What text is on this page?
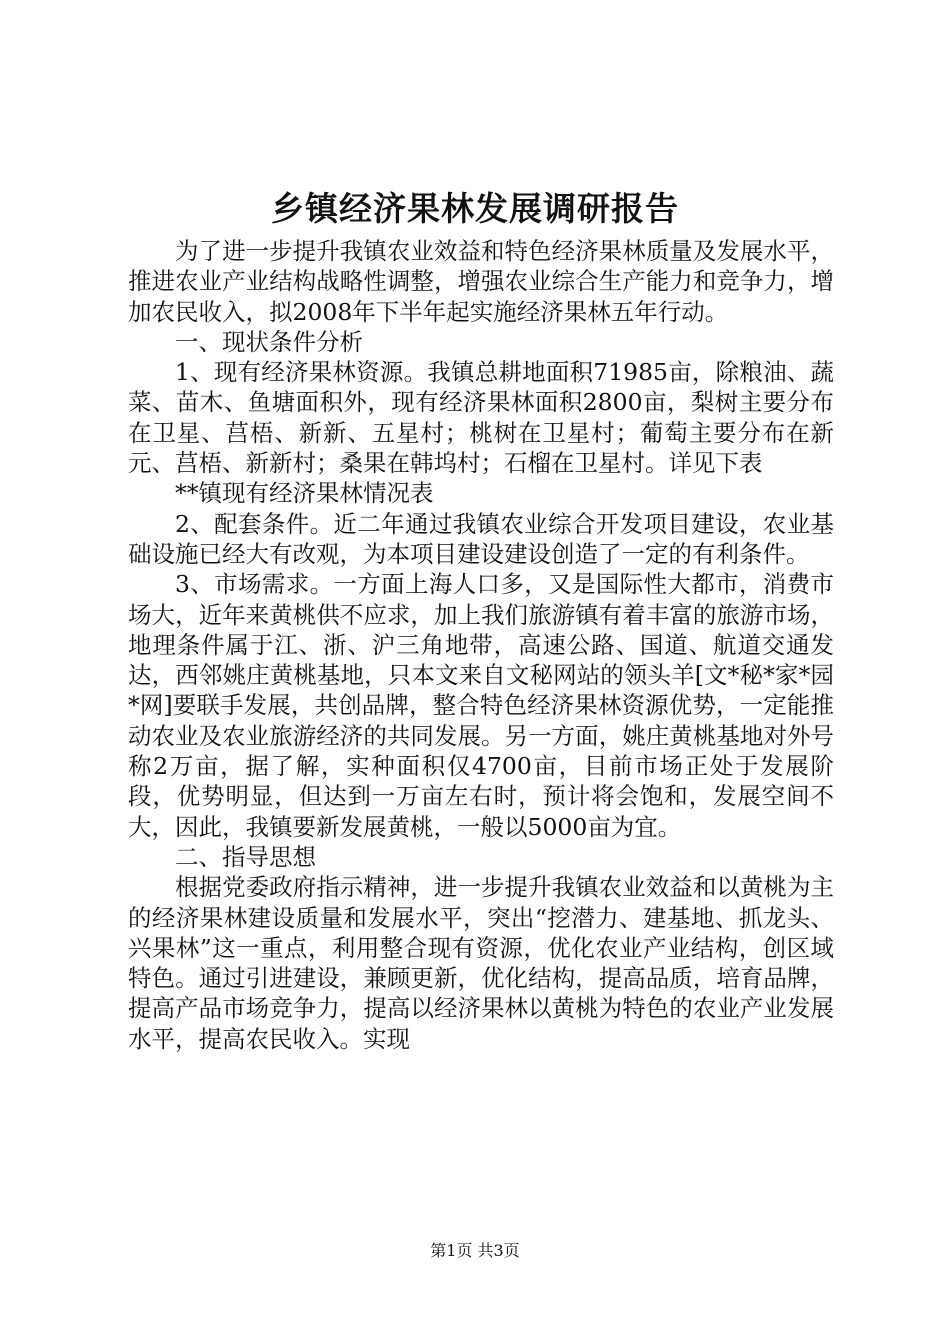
乡镇经济果林发展调研报告

为了进一步提升我镇农业效益和特色经济果林质量及发展水平，推进农业产业结构战略性调整，增强农业综合生产能力和竞争力，增加农民收入，拟2008年下半年起实施经济果林五年行动。

一、现状条件分析

1、现有经济果林资源。我镇总耕地面积71985亩，除粮油、蔬菜、苗木、鱼塘面积外，现有经济果林面积2800亩，梨树主要分布在卫星、莒梧、新新、五星村；桃树在卫星村；葡萄主要分布在新元、莒梧、新新村；桑果在韩坞村；石榴在卫星村。详见下表

**镇现有经济果林情况表

2、配套条件。近二年通过我镇农业综合开发项目建设，农业基础设施已经大有改观，为本项目建设建设创造了一定的有利条件。

3、市场需求。一方面上海人口多，又是国际性大都市，消费市场大，近年来黄桃供不应求，加上我们旅游镇有着丰富的旅游市场，地理条件属于江、浙、沪三角地带，高速公路、国道、航道交通发达，西邻姚庄黄桃基地，只本文来自文秘网站的领头羊[文*秘*家*园*网]要联手发展，共创品牌，整合特色经济果林资源优势，一定能推动农业及农业旅游经济的共同发展。另一方面，姚庄黄桃基地对外号称2万亩，据了解，实种面积仅4700亩，目前市场正处于发展阶段，优势明显，但达到一万亩左右时，预计将会饱和，发展空间不大，因此，我镇要新发展黄桃，一般以5000亩为宜。

二、指导思想

根据党委政府指示精神，进一步提升我镇农业效益和以黄桃为主的经济果林建设质量和发展水平，突出“挖潜力、建基地、抓龙头、兴果林”这一重点，利用整合现有资源，优化农业产业结构，创区域特色。通过引进建设，兼顾更新，优化结构，提高品质，培育品牌，提高产品市场竞争力，提高以经济果林以黄桃为特色的农业产业发展水平，提高农民收入。实现

第1页 共3页
